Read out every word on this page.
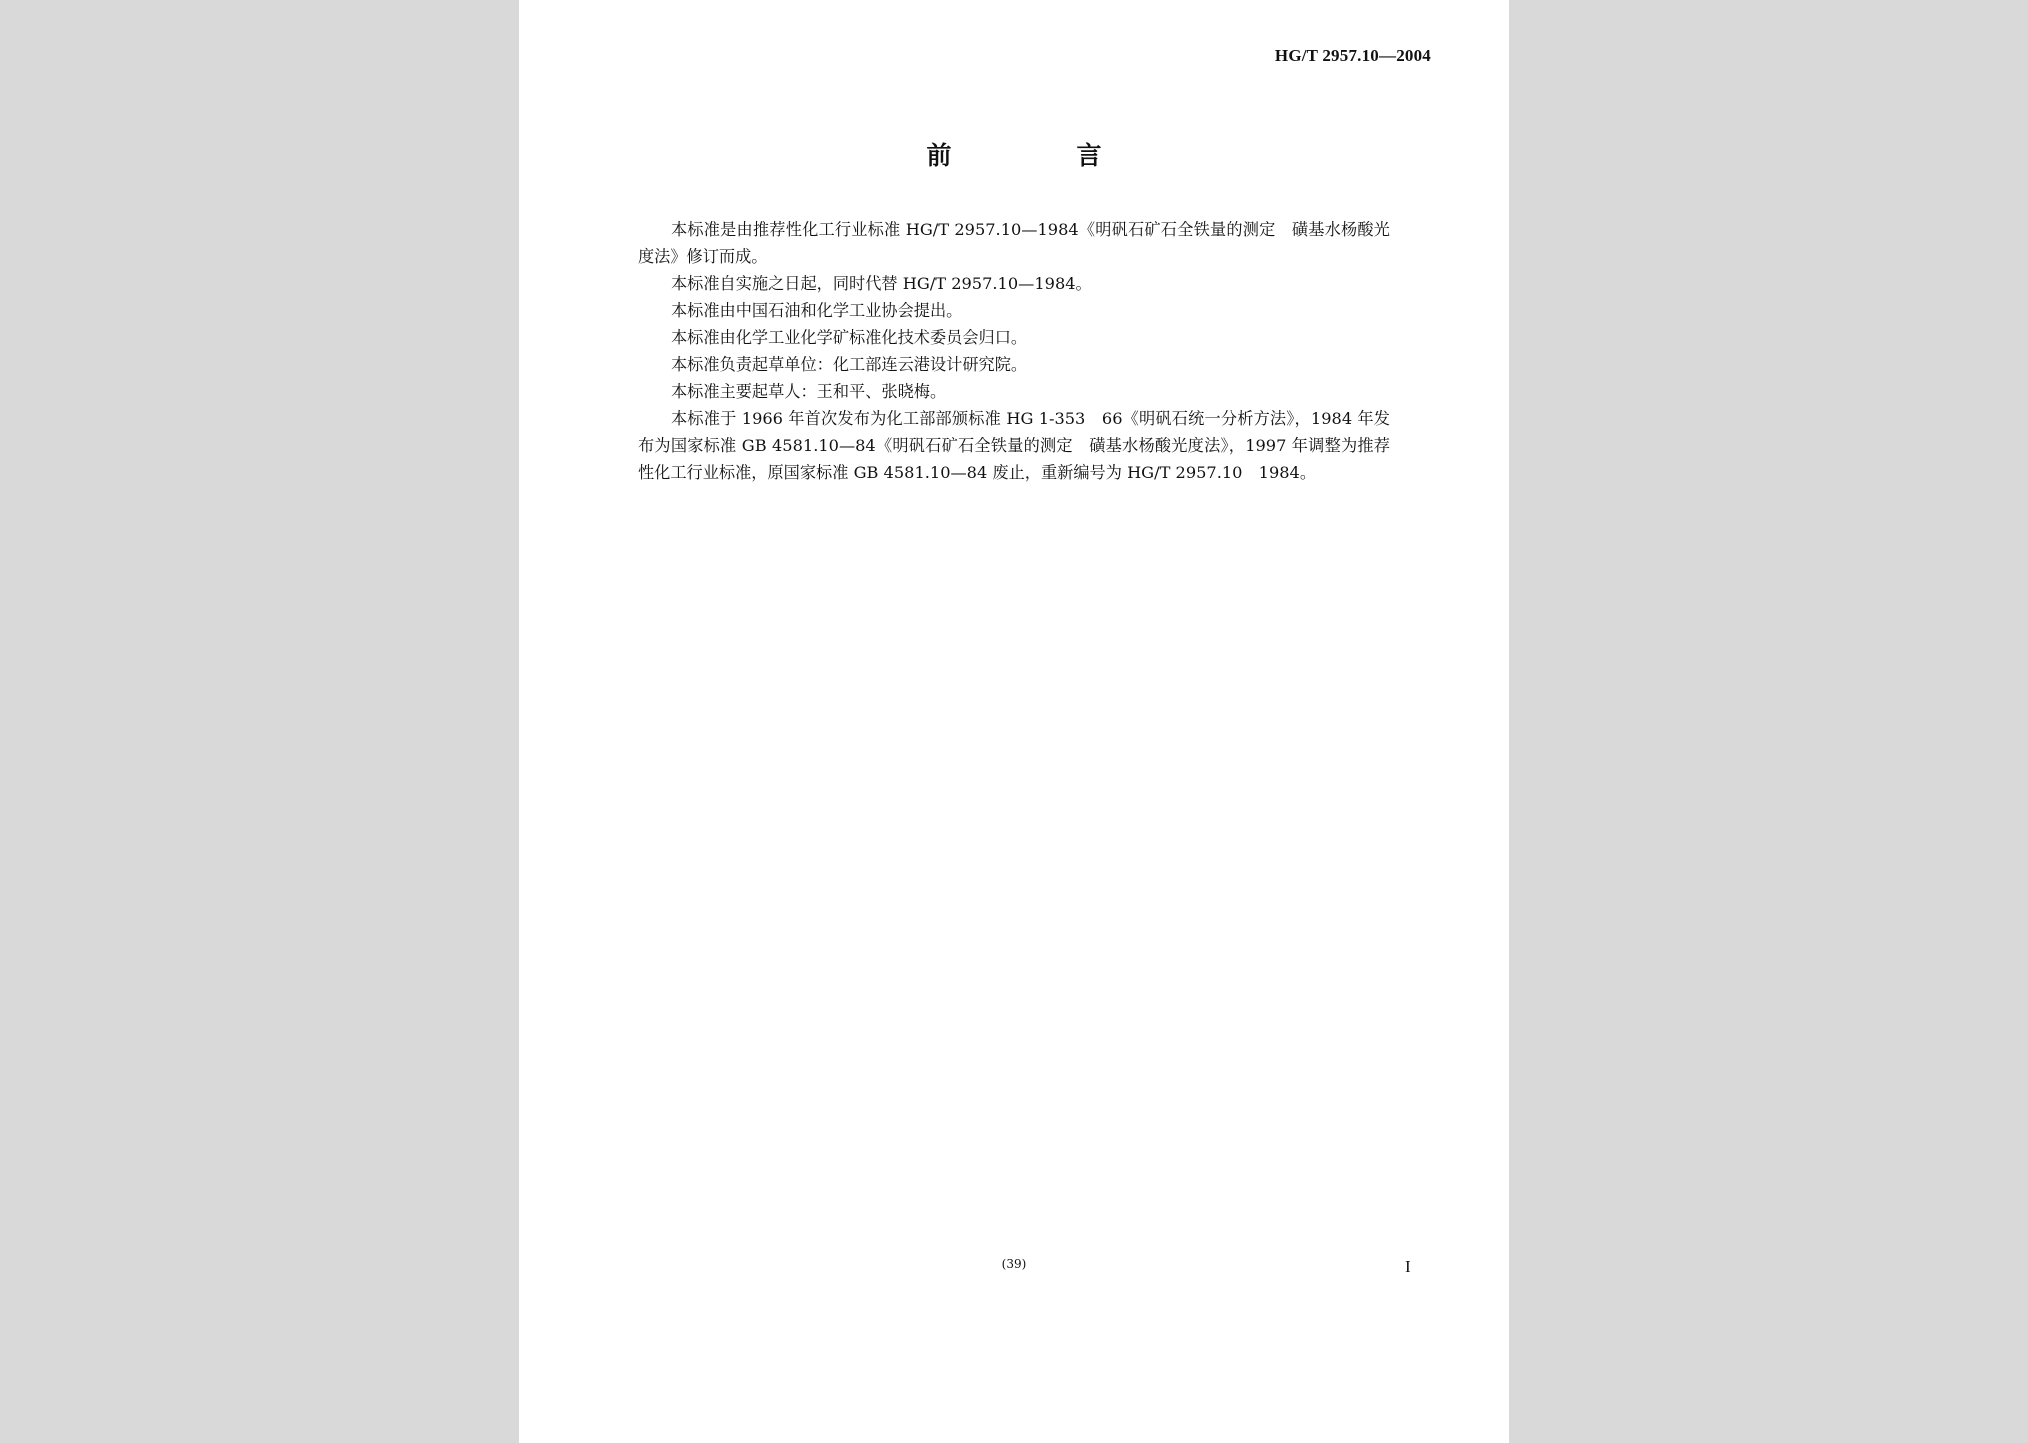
HG/T 2957.10—2004
前　言

本标准是由推荐性化工行业标准 HG/T 2957.10—1984《明矾石矿石全铁量的测定　磺基水杨酸光度法》修订而成。

本标准自实施之日起，同时代替 HG/T 2957.10—1984。

本标准由中国石油和化学工业协会提出。

本标准由化学工业化学矿标准化技术委员会归口。

本标准负责起草单位：化工部连云港设计研究院。

本标准主要起草人：王和平、张晓梅。

本标准于 1966 年首次发布为化工部部颁标准 HG 1-353　66《明矾石统一分析方法》，1984 年发布为国家标准 GB 4581.10—84《明矾石矿石全铁量的测定　磺基水杨酸光度法》，1997 年调整为推荐性化工行业标准，原国家标准 GB 4581.10—84 废止，重新编号为 HG/T 2957.10　1984。

(39)	I
